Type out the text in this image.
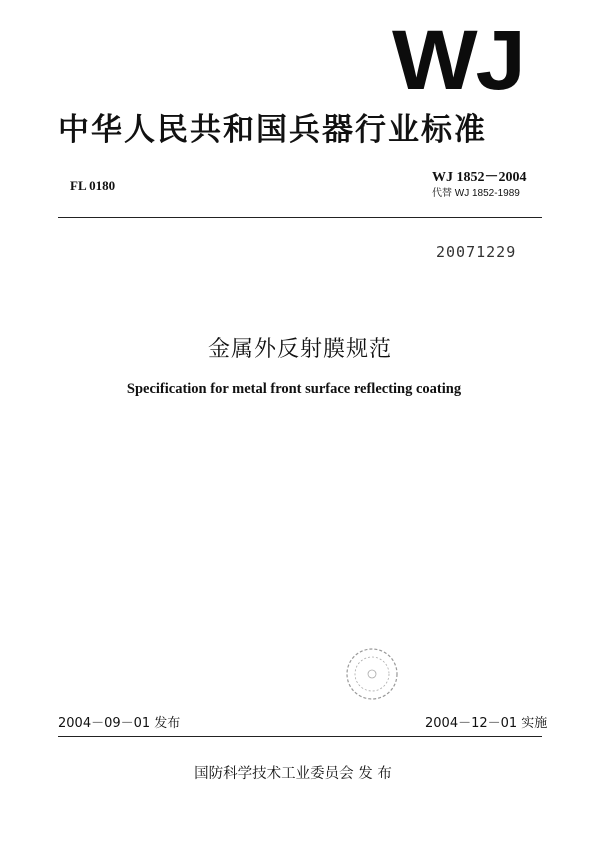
WJ
中华人民共和国兵器行业标准
FL 0180
WJ 1852－2004
代替 WJ 1852-1989
20071229
金属外反射膜规范
Specification for metal front surface reflecting coating
2004－09－01 发布	2004－12－01 实施
国防科学技术工业委员会 发 布
